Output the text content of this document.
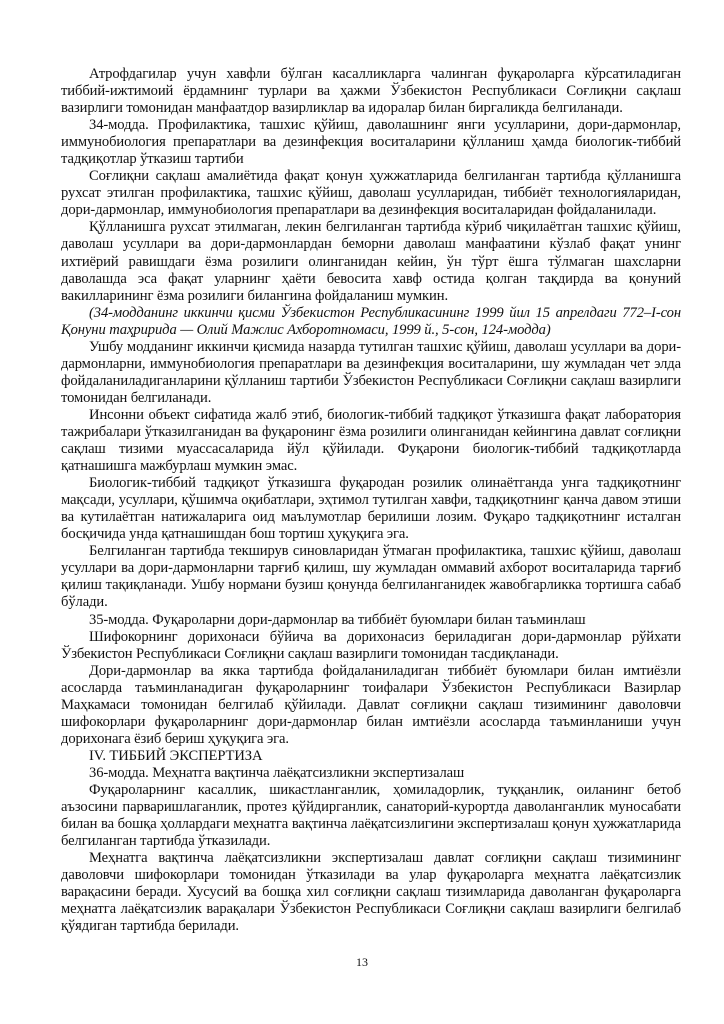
Атрофдагилар учун хавфли бўлган касалликларга чалинган фуқароларга кўрсатиладиган тиббий-ижтимоий ёрдамнинг турлари ва ҳажми Ўзбекистон Республикаси Соғлиқни сақлаш вазирлиги томонидан манфаатдор вазирликлар ва идоралар билан биргаликда белгиланади.

34-модда. Профилактика, ташхис қўйиш, даволашнинг янги усулларини, дори-дармонлар, иммунобиология препаратлари ва дезинфекция воситаларини қўлланиш ҳамда биологик-тиббий тадқиқотлар ўтказиш тартиби

Соғлиқни сақлаш амалиётида фақат қонун ҳужжатларида белгиланган тартибда қўлланишга рухсат этилган профилактика, ташхис қўйиш, даволаш усулларидан, тиббиёт технологияларидан, дори-дармонлар, иммунобиология препаратлари ва дезинфекция воситаларидан фойдаланилади.

Қўлланишга рухсат этилмаган, лекин белгиланган тартибда кўриб чиқилаётган ташхис қўйиш, даволаш усуллари ва дори-дармонлардан беморни даволаш манфаатини кўзлаб фақат унинг ихтиёрий равишдаги ёзма розилиги олинганидан кейин, ўн тўрт ёшга тўлмаган шахсларни даволашда эса фақат уларнинг ҳаёти бевосита хавф остида қолган тақдирда ва қонуний вакилларининг ёзма розилиги билангина фойдаланиш мумкин.

(34-модданинг иккинчи қисми Ўзбекистон Республикасининг 1999 йил 15 апрелдаги 772–I-сон Қонуни таҳририда — Олий Мажлис Ахборотномаси, 1999 й., 5-сон, 124-модда)

Ушбу модданинг иккинчи қисмида назарда тутилган ташхис қўйиш, даволаш усуллари ва дори-дармонларни, иммунобиология препаратлари ва дезинфекция воситаларини, шу жумладан чет элда фойдаланиладиганларини қўлланиш тартиби Ўзбекистон Республикаси Соғлиқни сақлаш вазирлиги томонидан белгиланади.

Инсонни объект сифатида жалб этиб, биологик-тиббий тадқиқот ўтказишга фақат лаборатория тажрибалари ўтказилганидан ва фуқаронинг ёзма розилиги олинганидан кейингина давлат соғлиқни сақлаш тизими муассасаларида йўл қўйилади. Фуқарони биологик-тиббий тадқиқотларда қатнашишга мажбурлаш мумкин эмас.

Биологик-тиббий тадқиқот ўтказишга фуқародан розилик олинаётганда унга тадқиқотнинг мақсади, усуллари, қўшимча оқибатлари, эҳтимол тутилган хавфи, тадқиқотнинг қанча давом этиши ва кутилаётган натижаларига оид маълумотлар берилиши лозим. Фуқаро тадқиқотнинг исталган босқичида унда қатнашишдан бош тортиш ҳуқуқига эга.

Белгиланган тартибда текширув синовларидан ўтмаган профилактика, ташхис қўйиш, даволаш усуллари ва дори-дармонларни тарғиб қилиш, шу жумладан оммавий ахборот воситаларида тарғиб қилиш тақиқланади. Ушбу нормани бузиш қонунда белгиланганидек жавобгарликка тортишга сабаб бўлади.

35-модда. Фуқароларни дори-дармонлар ва тиббиёт буюмлари билан таъминлаш

Шифокорнинг дорихонаси бўйича ва дорихонасиз бериладиган дори-дармонлар рўйхати Ўзбекистон Республикаси Соғлиқни сақлаш вазирлиги томонидан тасдиқланади.

Дори-дармонлар ва якка тартибда фойдаланиладиган тиббиёт буюмлари билан имтиёзли асосларда таъминланадиган фуқароларнинг тоифалари Ўзбекистон Республикаси Вазирлар Маҳкамаси томонидан белгилаб қўйилади. Давлат соғлиқни сақлаш тизимининг даволовчи шифокорлари фуқароларнинг дори-дармонлар билан имтиёзли асосларда таъминланиши учун дорихонага ёзиб бериш ҳуқуқига эга.

IV. ТИББИЙ ЭКСПЕРТИЗА

36-модда. Меҳнатга вақтинча лаёқатсизликни экспертизалаш

Фуқароларнинг касаллик, шикастланганлик, ҳомиладорлик, туққанлик, оиланинг бетоб аъзосини парваришлаганлик, протез қўйдирганлик, санаторий-курортда даволанганлик муносабати билан ва бошқа ҳоллардаги меҳнатга вақтинча лаёқатсизлигини экспертизалаш қонун ҳужжатларида белгиланган тартибда ўтказилади.

Меҳнатга вақтинча лаёқатсизликни экспертизалаш давлат соғлиқни сақлаш тизимининг даволовчи шифокорлари томонидан ўтказилади ва улар фуқароларга меҳнатга лаёқатсизлик варақасини беради. Хусусий ва бошқа хил соғлиқни сақлаш тизимларида даволанган фуқароларга меҳнатга лаёқатсизлик варақалари Ўзбекистон Республикаси Соғлиқни сақлаш вазирлиги белгилаб қўядиган тартибда берилади.

13
